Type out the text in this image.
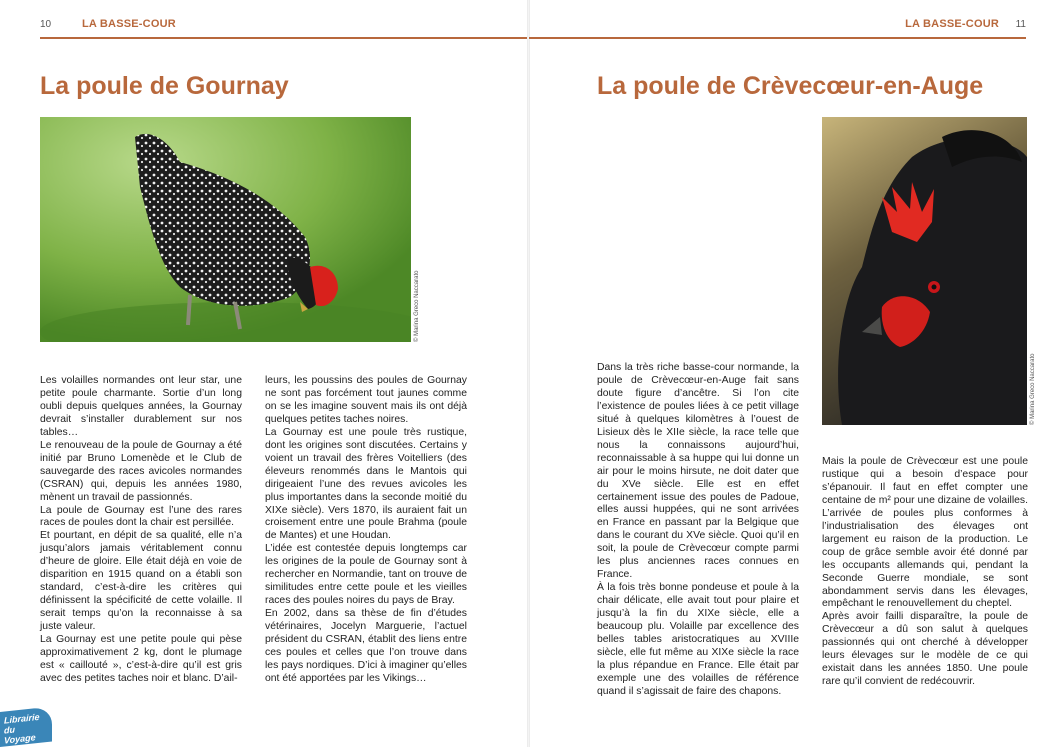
10	LA BASSE-COUR
La poule de Gournay
© Marina Greco Naccarato

Les volailles normandes ont leur star, une petite poule charmante. Sortie d’un long oubli depuis quelques années, la Gournay devrait s’installer durablement sur nos tables…

Le renouveau de la poule de Gournay a été initié par Bruno Lomenède et le Club de sauvegarde des races avicoles normandes (CSRAN) qui, depuis les années 1980, mènent un travail de passionnés.

La poule de Gournay est l’une des rares races de poules dont la chair est persillée.

Et pourtant, en dépit de sa qualité, elle n’a jusqu’alors jamais véritablement connu d’heure de gloire. Elle était déjà en voie de disparition en 1915 quand on a établi son standard, c’est-à-dire les critères qui définissent la spécificité de cette volaille. Il serait temps qu’on la reconnaisse à sa juste valeur.

La Gournay est une petite poule qui pèse approximativement 2 kg, dont le plumage est « caillouté », c’est-à-dire qu’il est gris avec des petites taches noir et blanc. D’ail-

leurs, les poussins des poules de Gournay ne sont pas forcément tout jaunes comme on se les imagine souvent mais ils ont déjà quelques petites taches noires.

La Gournay est une poule très rustique, dont les origines sont discutées. Certains y voient un travail des frères Voitelliers (des éleveurs renommés dans le Mantois qui dirigeaient l’une des revues avicoles les plus importantes dans la seconde moitié du XIXe siècle). Vers 1870, ils auraient fait un croisement entre une poule Brahma (poule de Mantes) et une Houdan.

L’idée est contestée depuis longtemps car les origines de la poule de Gournay sont à rechercher en Normandie, tant on trouve de similitudes entre cette poule et les vieilles races des poules noires du pays de Bray.

En 2002, dans sa thèse de fin d’études vétérinaires, Jocelyn Marguerie, l’actuel président du CSRAN, établit des liens entre ces poules et celles que l’on trouve dans les pays nordiques. D’ici à imaginer qu’elles ont été apportées par les Vikings…

Librairie
du Voyage
LA BASSE-COUR 11
La poule de Crèvecœur-en-Auge
© Marina Greco Naccarato

Dans la très riche basse-cour normande, la poule de Crèvecœur-en-Auge fait sans doute figure d’ancêtre. Si l’on cite l’existence de poules liées à ce petit village situé à quelques kilomètres à l’ouest de Lisieux dès le XIIe siècle, la race telle que nous la connaissons aujourd’hui, reconnaissable à sa huppe qui lui donne un air pour le moins hirsute, ne doit dater que du XVe siècle. Elle est en effet certainement issue des poules de Padoue, elles aussi huppées, qui ne sont arrivées en France en passant par la Belgique que dans le courant du XVe siècle. Quoi qu’il en soit, la poule de Crèvecœur compte parmi les plus anciennes races connues en France.

À la fois très bonne pondeuse et poule à la chair délicate, elle avait tout pour plaire et jusqu’à la fin du XIXe siècle, elle a beaucoup plu. Volaille par excellence des belles tables aristocratiques au XVIIIe siècle, elle fut même au XIXe siècle la race la plus répandue en France. Elle était par exemple une des volailles de référence quand il s’agissait de faire des chapons.

Mais la poule de Crèvecœur est une poule rustique qui a besoin d’espace pour s’épanouir. Il faut en effet compter une centaine de m² pour une dizaine de volailles. L’arrivée de poules plus conformes à l’industrialisation des élevages ont largement eu raison de la production. Le coup de grâce semble avoir été donné par les occupants allemands qui, pendant la Seconde Guerre mondiale, se sont abondamment servis dans les élevages, empêchant le renouvellement du cheptel.

Après avoir failli disparaître, la poule de Crèvecœur a dû son salut à quelques passionnés qui ont cherché à développer leurs élevages sur le modèle de ce qui existait dans les années 1850. Une poule rare qu’il convient de redécouvrir.
